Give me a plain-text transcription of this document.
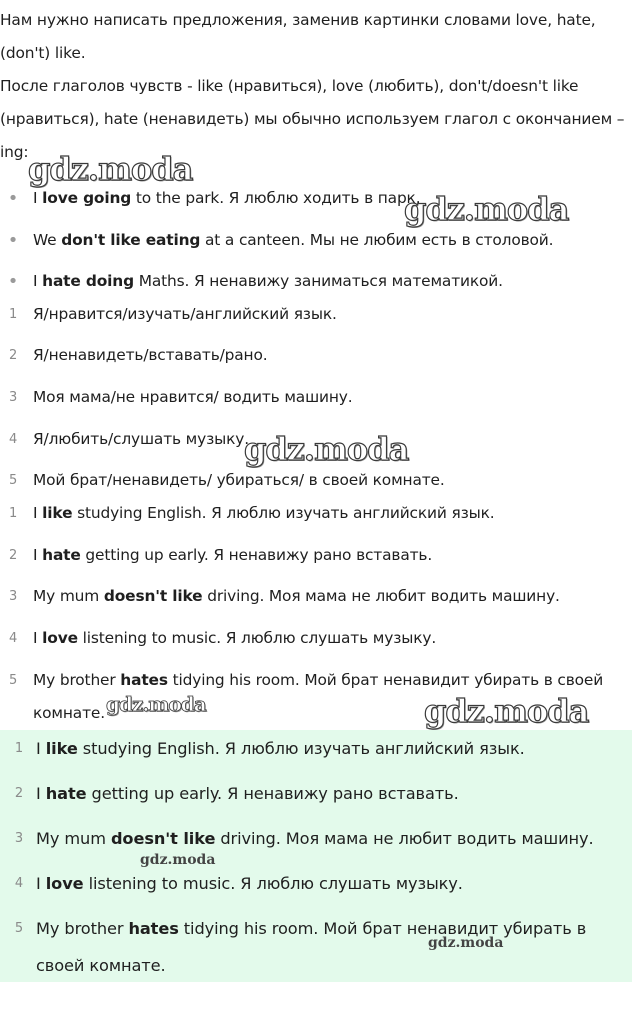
Нам нужно написать предложения, заменив картинки словами love, hate, (don't) like.

После глаголов чувств - like (нравиться), love (любить), don't/doesn't like (нравиться), hate (ненавидеть) мы обычно используем глагол с окончанием –ing:

• I love going to the park. Я люблю ходить в парк.
• We don't like eating at a canteen. Мы не любим есть в столовой.
• I hate doing Maths. Я ненавижу заниматься математикой.
1	Я/нравится/изучать/английский язык.
2	Я/ненавидеть/вставать/рано.
3	Моя мама/не нравится/ водить машину.
4	Я/любить/слушать музыку.
5	Мой брат/ненавидеть/ убираться/ в своей комнате.
1	I like studying English. Я люблю изучать английский язык.
2	I hate getting up early. Я ненавижу рано вставать.
3	My mum doesn't like driving. Моя мама не любит водить машину.
4	I love listening to music. Я люблю слушать музыку.
5	My brother hates tidying his room. Мой брат ненавидит убирать в своей комнате.
1 I like studying English. Я люблю изучать английский язык.
2 I hate getting up early. Я ненавижу рано вставать.
3 My mum doesn't like driving. Моя мама не любит водить машину.
4 I love listening to music. Я люблю слушать музыку.
5 My brother hates tidying his room. Мой брат ненавидит убирать в своей комнате.
gdz.moda
gdz.moda
gdz.moda
gdz.moda	gdz.moda
gdz.moda
gdz.moda
